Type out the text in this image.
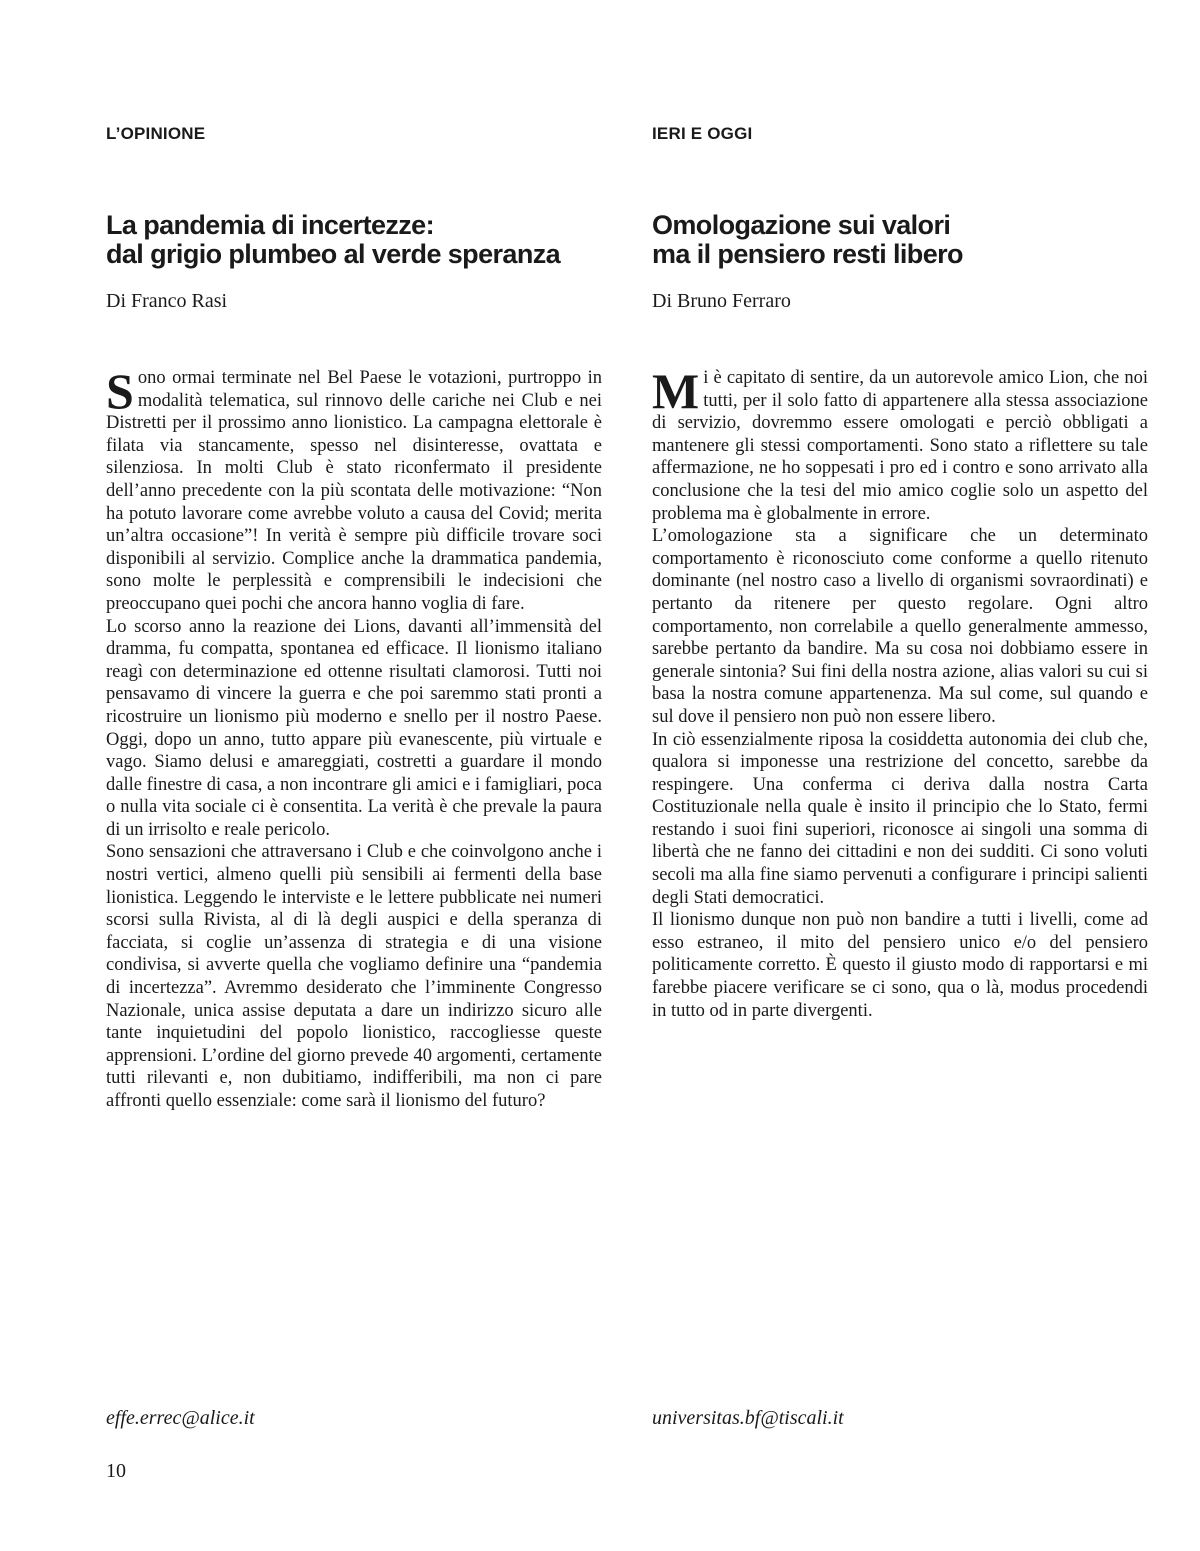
L’OPINIONE
La pandemia di incertezze:
dal grigio plumbeo al verde speranza

Di Franco Rasi

Sono ormai terminate nel Bel Paese le votazioni, purtroppo in modalità telematica, sul rinnovo delle cariche nei Club e nei Distretti per il prossimo anno lionistico. La campagna elettorale è filata via stancamente, spesso nel disinteresse, ovattata e silenziosa. In molti Club è stato riconfermato il presidente dell’anno precedente con la più scontata delle motivazione: “Non ha potuto lavorare come avrebbe voluto a causa del Covid; merita un’altra occasione”! In verità è sempre più difficile trovare soci disponibili al servizio. Complice anche la drammatica pandemia, sono molte le perplessità e comprensibili le indecisioni che preoccupano quei pochi che ancora hanno voglia di fare.

Lo scorso anno la reazione dei Lions, davanti all’immensità del dramma, fu compatta, spontanea ed efficace. Il lionismo italiano reagì con determinazione ed ottenne risultati clamorosi. Tutti noi pensavamo di vincere la guerra e che poi saremmo stati pronti a ricostruire un lionismo più moderno e snello per il nostro Paese. Oggi, dopo un anno, tutto appare più evanescente, più virtuale e vago. Siamo delusi e amareggiati, costretti a guardare il mondo dalle finestre di casa, a non incontrare gli amici e i famigliari, poca o nulla vita sociale ci è consentita. La verità è che prevale la paura di un irrisolto e reale pericolo.

Sono sensazioni che attraversano i Club e che coinvolgono anche i nostri vertici, almeno quelli più sensibili ai fermenti della base lionistica. Leggendo le interviste e le lettere pubblicate nei numeri scorsi sulla Rivista, al di là degli auspici e della speranza di facciata, si coglie un’assenza di strategia e di una visione condivisa, si avverte quella che vogliamo definire una “pandemia di incertezza”. Avremmo desiderato che l’imminente Congresso Nazionale, unica assise deputata a dare un indirizzo sicuro alle tante inquietudini del popolo lionistico, raccogliesse queste apprensioni. L’ordine del giorno prevede 40 argomenti, certamente tutti rilevanti e, non dubitiamo, indifferibili, ma non ci pare affronti quello essenziale: come sarà il lionismo del futuro?

effe.errec@alice.it

IERI E OGGI
Omologazione sui valori
ma il pensiero resti libero

Di Bruno Ferraro

Mi è capitato di sentire, da un autorevole amico Lion, che noi tutti, per il solo fatto di appartenere alla stessa associazione di servizio, dovremmo essere omologati e perciò obbligati a mantenere gli stessi comportamenti. Sono stato a riflettere su tale affermazione, ne ho soppesati i pro ed i contro e sono arrivato alla conclusione che la tesi del mio amico coglie solo un aspetto del problema ma è globalmente in errore.

L’omologazione sta a significare che un determinato comportamento è riconosciuto come conforme a quello ritenuto dominante (nel nostro caso a livello di organismi sovraordinati) e pertanto da ritenere per questo regolare. Ogni altro comportamento, non correlabile a quello generalmente ammesso, sarebbe pertanto da bandire. Ma su cosa noi dobbiamo essere in generale sintonia? Sui fini della nostra azione, alias valori su cui si basa la nostra comune appartenenza. Ma sul come, sul quando e sul dove il pensiero non può non essere libero.

In ciò essenzialmente riposa la cosiddetta autonomia dei club che, qualora si imponesse una restrizione del concetto, sarebbe da respingere. Una conferma ci deriva dalla nostra Carta Costituzionale nella quale è insito il principio che lo Stato, fermi restando i suoi fini superiori, riconosce ai singoli una somma di libertà che ne fanno dei cittadini e non dei sudditi. Ci sono voluti secoli ma alla fine siamo pervenuti a configurare i principi salienti degli Stati democratici.

Il lionismo dunque non può non bandire a tutti i livelli, come ad esso estraneo, il mito del pensiero unico e/o del pensiero politicamente corretto. È questo il giusto modo di rapportarsi e mi farebbe piacere verificare se ci sono, qua o là, modus procedendi in tutto od in parte divergenti.

universitas.bf@tiscali.it

10
